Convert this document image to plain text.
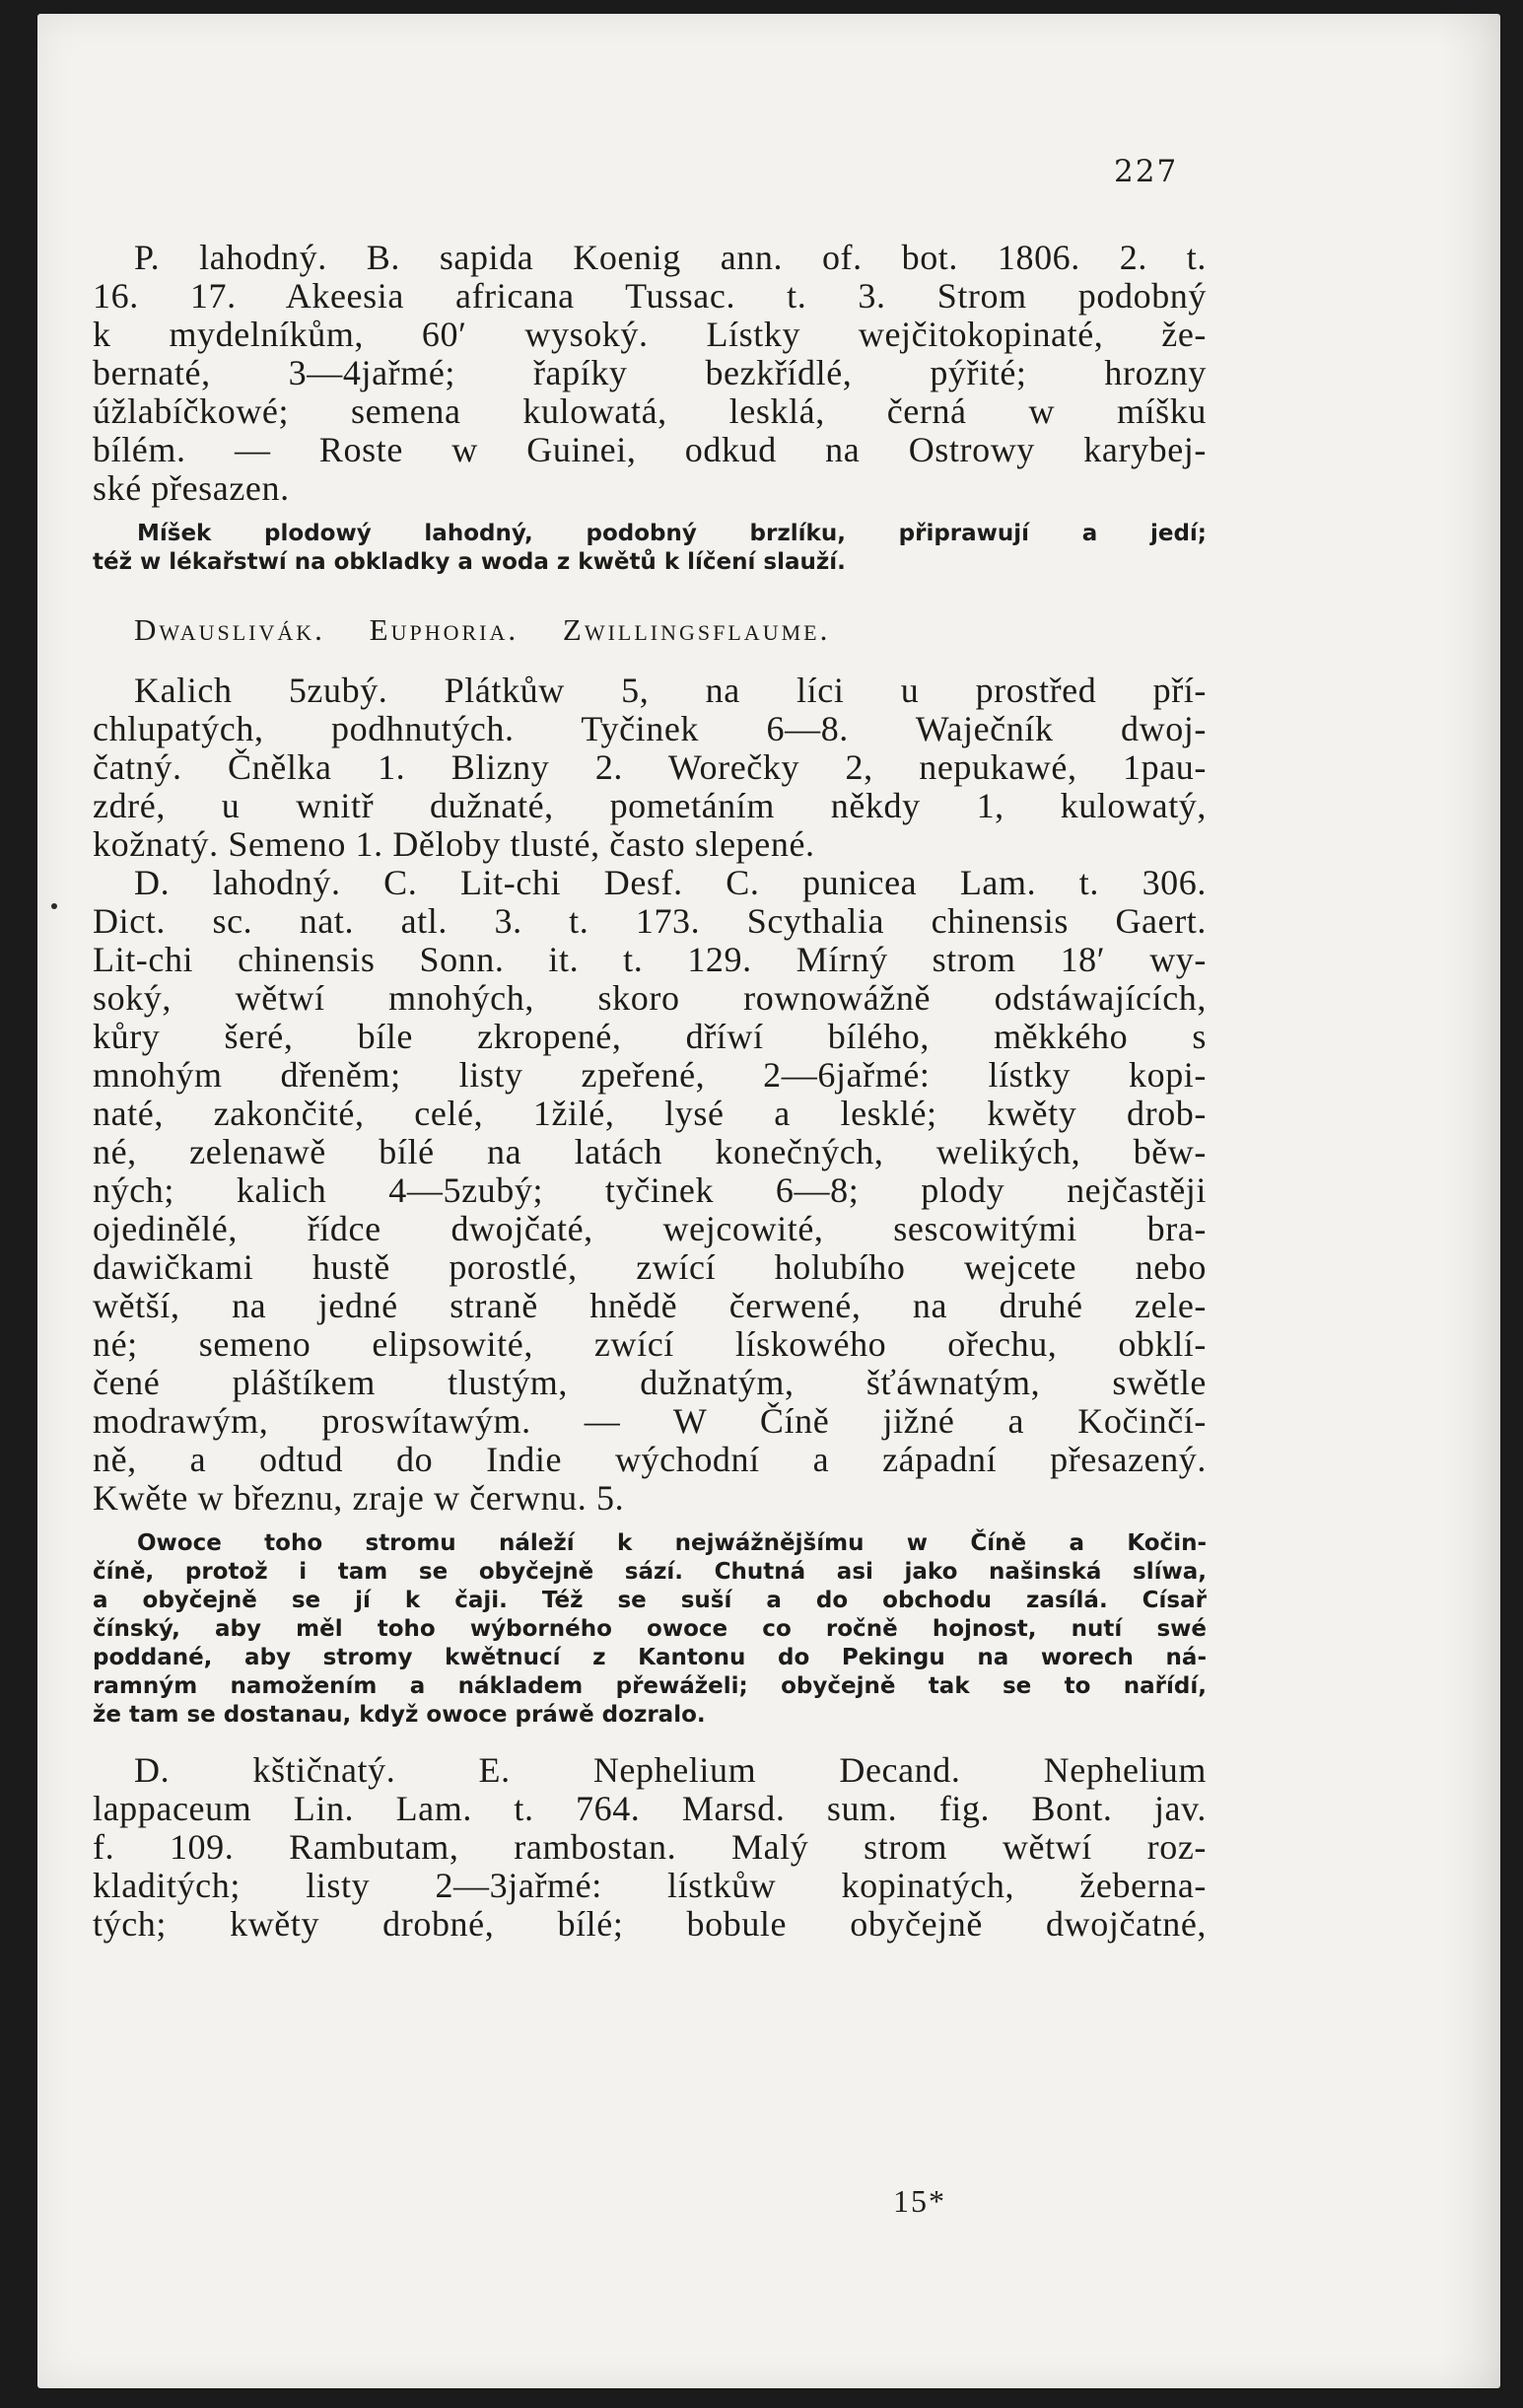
227
P. lahodný. B. sapida Koenig ann. of. bot. 1806. 2. t.
16. 17. Akeesia africana Tussac. t. 3. Strom podobný
k mydelníkům, 60′ wysoký. Lístky wejčitokopinaté, že-
bernaté, 3—4jařmé; řapíky bezkřídlé, pýřité; hrozny
úžlabíčkowé; semena kulowatá, lesklá, černá w míšku
bílém. — Roste w Guinei, odkud na Ostrowy karybej-
ské přesazen.
Míšek plodowý lahodný, podobný brzlíku, připrawují a jedí;
též w lékařstwí na obkladky a woda z kwětů k líčení slauží.
Dwauslivák. Euphoria. Zwillingsflaume.
Kalich 5zubý. Plátkůw 5, na líci u prostřed pří-
chlupatých, podhnutých. Tyčinek 6—8. Waječník dwoj-
čatný. Čnělka 1. Blizny 2. Worečky 2, nepukawé, 1pau-
zdré, u wnitř dužnaté, pometáním někdy 1, kulowatý,
kožnatý. Semeno 1. Děloby tlusté, často slepené.
D. lahodný. C. Lit-chi Desf. C. punicea Lam. t. 306.
Dict. sc. nat. atl. 3. t. 173. Scythalia chinensis Gaert.
Lit-chi chinensis Sonn. it. t. 129. Mírný strom 18′ wy-
soký, wětwí mnohých, skoro rownowážně odstáwajících,
kůry šeré, bíle zkropené, dříwí bílého, měkkého s
mnohým dřeněm; listy zpeřené, 2—6jařmé: lístky kopi-
naté, zakončité, celé, 1žilé, lysé a lesklé; kwěty drob-
né, zelenawě bílé na latách konečných, welikých, běw-
ných; kalich 4—5zubý; tyčinek 6—8; plody nejčastěji
ojedinělé, řídce dwojčaté, wejcowité, sescowitými bra-
dawičkami hustě porostlé, zwící holubího wejcete nebo
wětší, na jedné straně hnědě čerwené, na druhé zele-
né; semeno elipsowité, zwící lískowého ořechu, obklí-
čené pláštíkem tlustým, dužnatým, šťáwnatým, swětle
modrawým, proswítawým. — W Číně jižné a Kočinčí-
ně, a odtud do Indie wýchodní a západní přesazený.
Kwěte w březnu, zraje w čerwnu. 5.
Owoce toho stromu náleží k nejwážnějšímu w Číně a Kočin-
číně, protož i tam se obyčejně sází. Chutná asi jako našinská slíwa,
a obyčejně se jí k čaji. Též se suší a do obchodu zasílá. Císař
čínský, aby měl toho wýborného owoce co ročně hojnost, nutí swé
poddané, aby stromy kwětnucí z Kantonu do Pekingu na worech ná-
ramným namožením a nákladem přewáželi; obyčejně tak se to nařídí,
že tam se dostanau, když owoce práwě dozralo.
D. kštičnatý. E. Nephelium Decand. Nephelium
lappaceum Lin. Lam. t. 764. Marsd. sum. fig. Bont. jav.
f. 109. Rambutam, rambostan. Malý strom wětwí roz-
kladitých; listy 2—3jařmé: lístkůw kopinatých, žeberna-
tých; kwěty drobné, bílé; bobule obyčejně dwojčatné,
15*
